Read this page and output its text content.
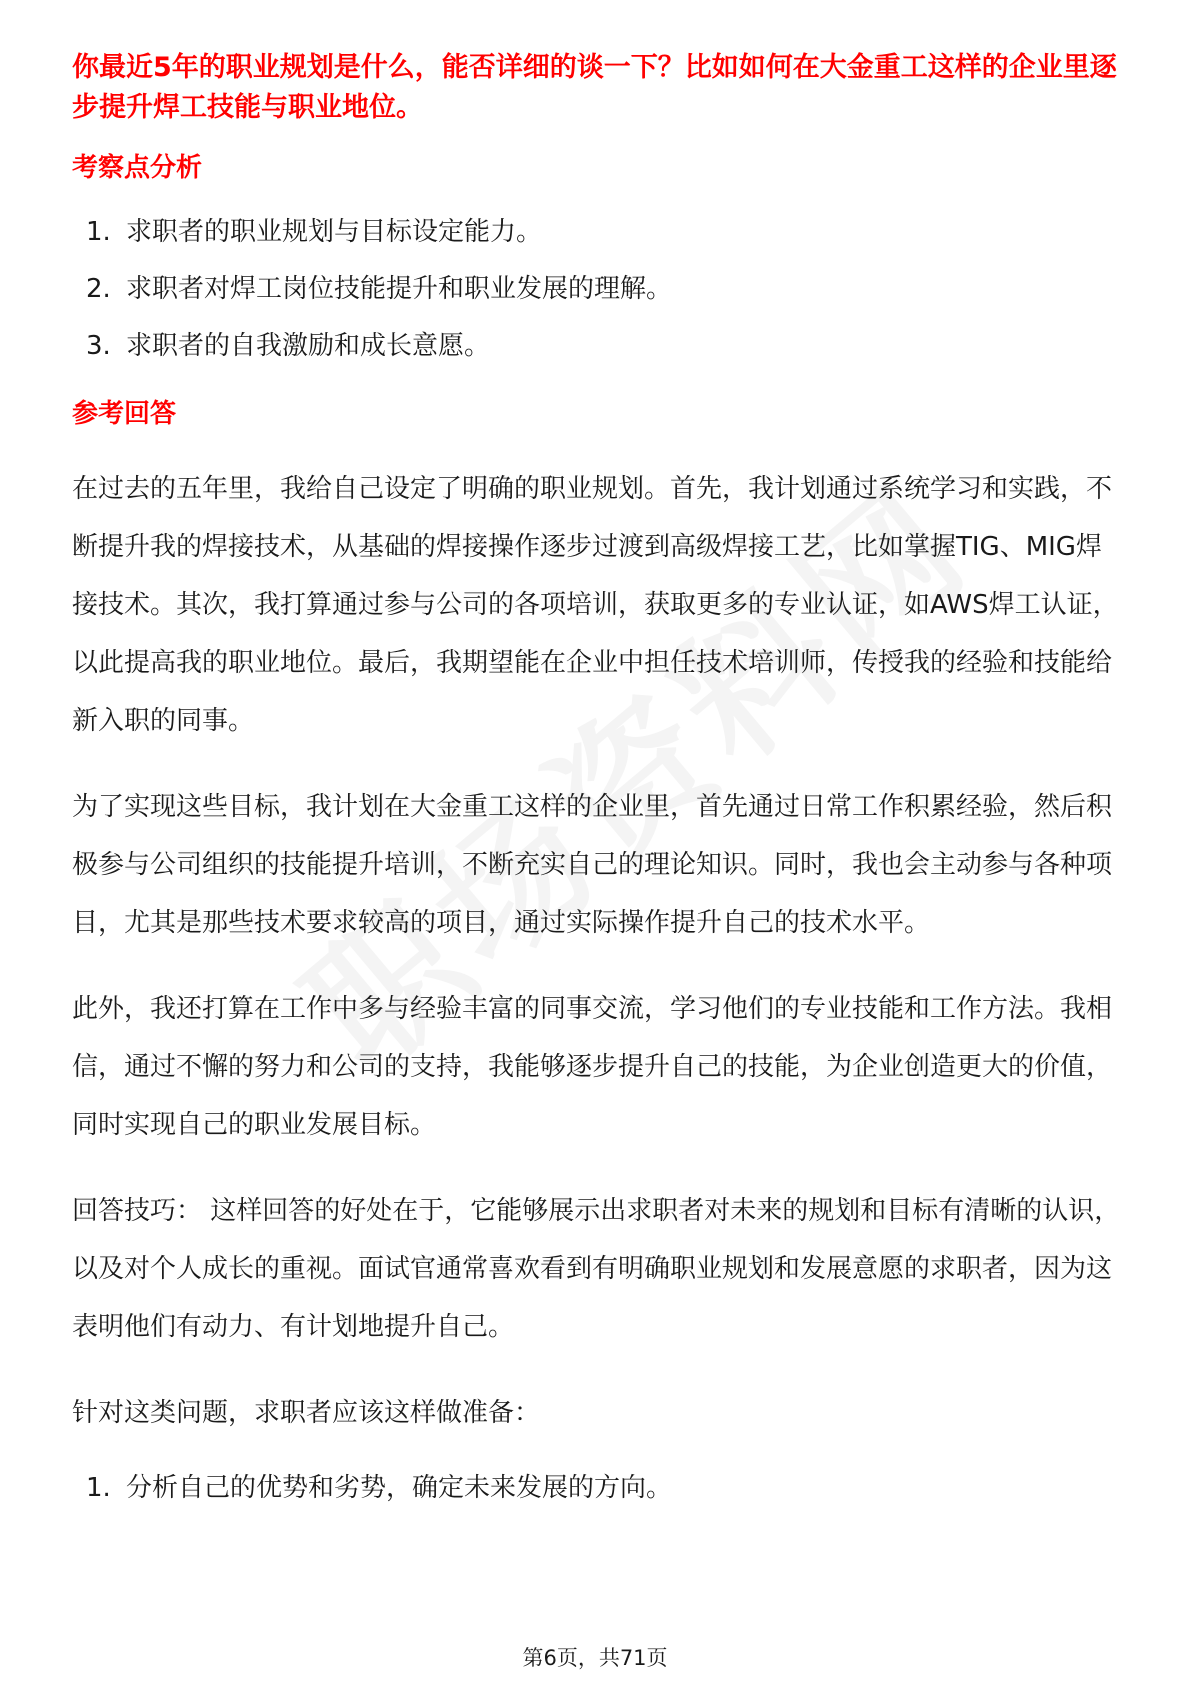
你最近5年的职业规划是什么，能否详细的谈一下？比如如何在大金重工这样的企业里逐步提升焊工技能与职业地位。
考察点分析
1. 求职者的职业规划与目标设定能力。
2. 求职者对焊工岗位技能提升和职业发展的理解。
3. 求职者的自我激励和成长意愿。
参考回答

在过去的五年里，我给自己设定了明确的职业规划。首先，我计划通过系统学习和实践，不断提升我的焊接技术，从基础的焊接操作逐步过渡到高级焊接工艺，比如掌握TIG、MIG焊接技术。其次，我打算通过参与公司的各项培训，获取更多的专业认证，如AWS焊工认证，以此提高我的职业地位。最后，我期望能在企业中担任技术培训师，传授我的经验和技能给新入职的同事。

为了实现这些目标，我计划在大金重工这样的企业里，首先通过日常工作积累经验，然后积极参与公司组织的技能提升培训，不断充实自己的理论知识。同时，我也会主动参与各种项目，尤其是那些技术要求较高的项目，通过实际操作提升自己的技术水平。

此外，我还打算在工作中多与经验丰富的同事交流，学习他们的专业技能和工作方法。我相信，通过不懈的努力和公司的支持，我能够逐步提升自己的技能，为企业创造更大的价值，同时实现自己的职业发展目标。

回答技巧： 这样回答的好处在于，它能够展示出求职者对未来的规划和目标有清晰的认识，以及对个人成长的重视。面试官通常喜欢看到有明确职业规划和发展意愿的求职者，因为这表明他们有动力、有计划地提升自己。

针对这类问题，求职者应该这样做准备：

1. 分析自己的优势和劣势，确定未来发展的方向。
第6页，共71页
